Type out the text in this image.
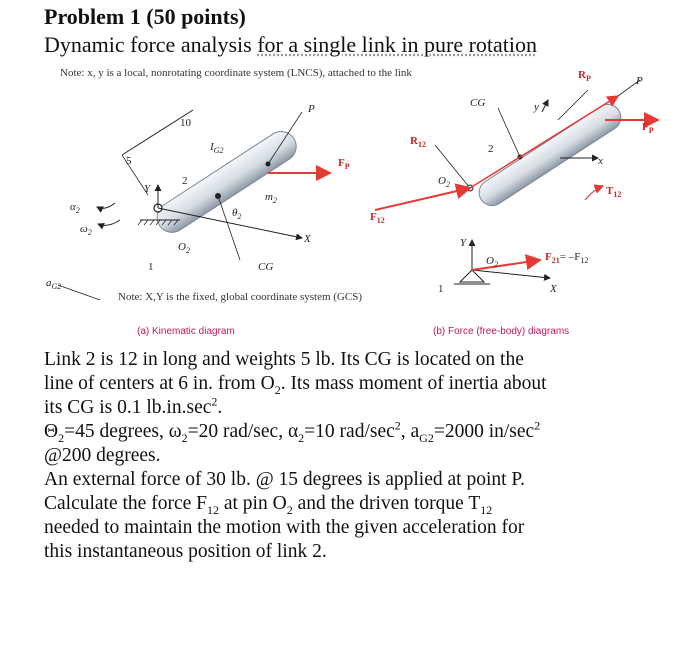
Problem 1 (50 points)
Dynamic force analysis for a single link in pure rotation
Note: x, y is a local, nonrotating coordinate system (LNCS), attached to the link
10
5
2
1
$I_{G2}$
$m_2$
$\theta_2$
$O_2$
P
CG
X
Y
$\alpha_2$
$\omega_2$
$a_{G2}$
$F_P$
$F_{12}$
CG	y
x
2
1
$R_P$	P
$F_P$
$R_{12}$
$O_2$
$T_{12}$
Y
X
$O_2$
$F_{21}= -F_{12}$
Note: X,Y is the fixed, global coordinate system (GCS)
(a) Kinematic diagram	(b) Force (free-body) diagrams

Link 2 is 12 in long and weights 5 lb. Its CG is located on the

line of centers at 6 in. from $O_2$. Its mass moment of inertia about

its CG is 0.1 $lb.in.\sec^2$.

$\Theta_2=45$ degrees, $\omega_2=20$ rad/sec, $\alpha_2=10$ rad/$\sec^2$, $a_{G2}=2000$ $in/\sec^2$

@200 degrees.

An external force of 30 lb. @ 15 degrees is applied at point P.

Calculate the force $F_{12}$ at pin $O_2$ and the driven torque $T_{12}$

needed to maintain the motion with the given acceleration for

this instantaneous position of link 2.
